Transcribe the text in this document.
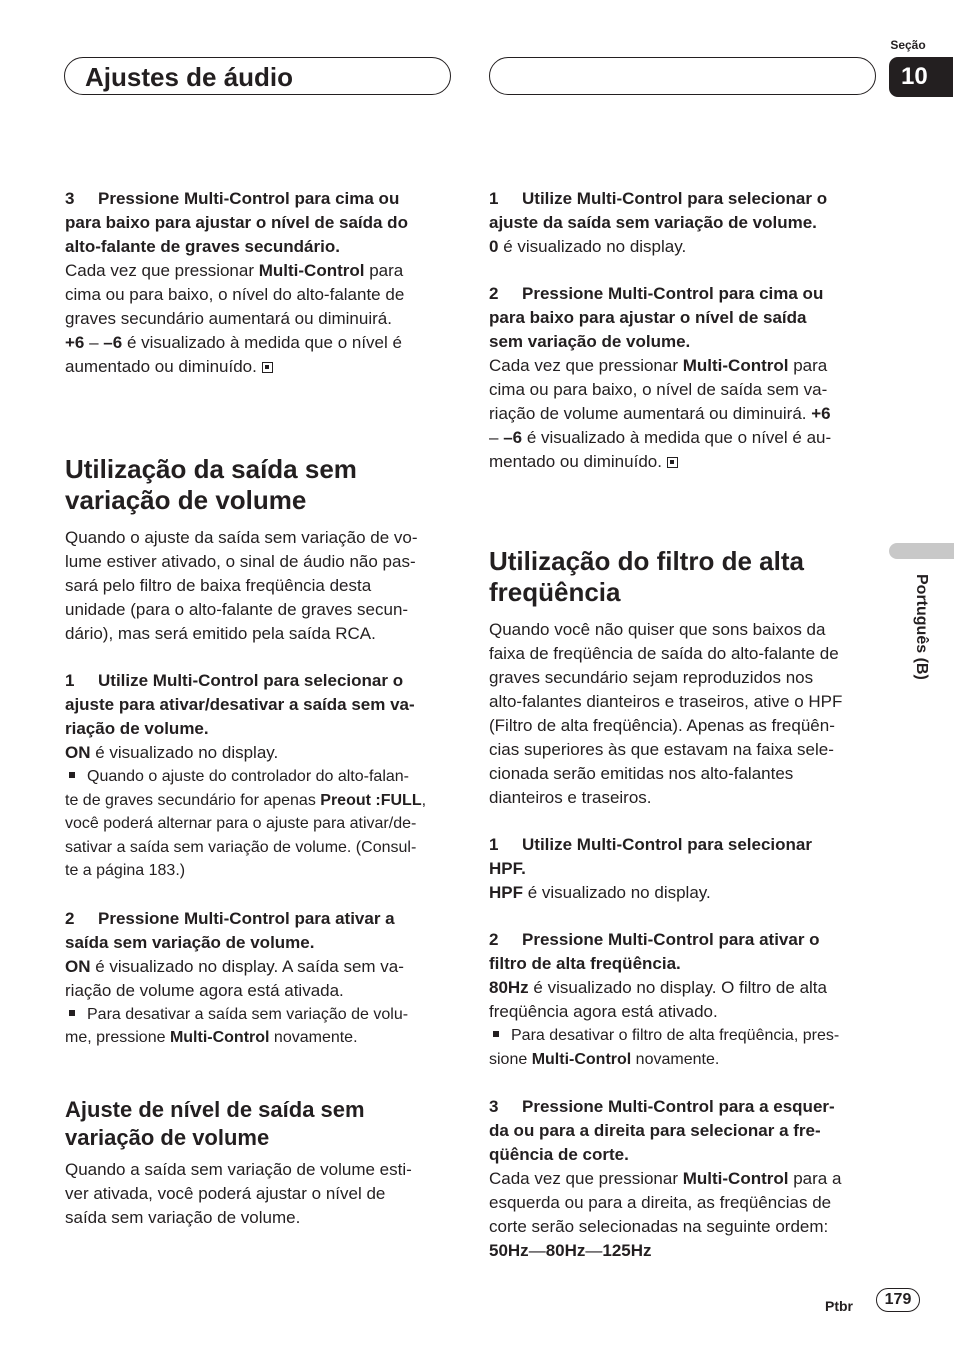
Ajustes de áudio
Seção
10
Português (B)

3 Pressione Multi-Control para cima ou

para baixo para ajustar o nível de saída do

alto-falante de graves secundário.

Cada vez que pressionar Multi-Control para

cima ou para baixo, o nível do alto-falante de

graves secundário aumentará ou diminuirá.

+6 – –6 é visualizado à medida que o nível é

aumentado ou diminuído.

Utilização da saída sem
variação de volume

Quando o ajuste da saída sem variação de vo-

lume estiver ativado, o sinal de áudio não pas-

sará pelo filtro de baixa freqüência desta

unidade (para o alto-falante de graves secun-

dário), mas será emitido pela saída RCA.

1 Utilize Multi-Control para selecionar o

ajuste para ativar/desativar a saída sem va-

riação de volume.

ON é visualizado no display.

Quando o ajuste do controlador do alto-falan-

te de graves secundário for apenas Preout :FULL,

você poderá alternar para o ajuste para ativar/de-

sativar a saída sem variação de volume. (Consul-

te a página 183.)

2 Pressione Multi-Control para ativar a

saída sem variação de volume.

ON é visualizado no display. A saída sem va-

riação de volume agora está ativada.

Para desativar a saída sem variação de volu-

me, pressione Multi-Control novamente.

Ajuste de nível de saída sem
variação de volume

Quando a saída sem variação de volume esti-

ver ativada, você poderá ajustar o nível de

saída sem variação de volume.

1 Utilize Multi-Control para selecionar o

ajuste da saída sem variação de volume.

0 é visualizado no display.

2 Pressione Multi-Control para cima ou

para baixo para ajustar o nível de saída

sem variação de volume.

Cada vez que pressionar Multi-Control para

cima ou para baixo, o nível de saída sem va-

riação de volume aumentará ou diminuirá. +6

– –6 é visualizado à medida que o nível é au-

mentado ou diminuído.

Utilização do filtro de alta
freqüência

Quando você não quiser que sons baixos da

faixa de freqüência de saída do alto-falante de

graves secundário sejam reproduzidos nos

alto-falantes dianteiros e traseiros, ative o HPF

(Filtro de alta freqüência). Apenas as freqüên-

cias superiores às que estavam na faixa sele-

cionada serão emitidas nos alto-falantes

dianteiros e traseiros.

1 Utilize Multi-Control para selecionar

HPF.

HPF é visualizado no display.

2 Pressione Multi-Control para ativar o

filtro de alta freqüência.

80Hz é visualizado no display. O filtro de alta

freqüência agora está ativado.

Para desativar o filtro de alta freqüência, pres-

sione Multi-Control novamente.

3 Pressione Multi-Control para a esquer-

da ou para a direita para selecionar a fre-

qüência de corte.

Cada vez que pressionar Multi-Control para a

esquerda ou para a direita, as freqüências de

corte serão selecionadas na seguinte ordem:

50Hz—80Hz—125Hz

Ptbr	179
